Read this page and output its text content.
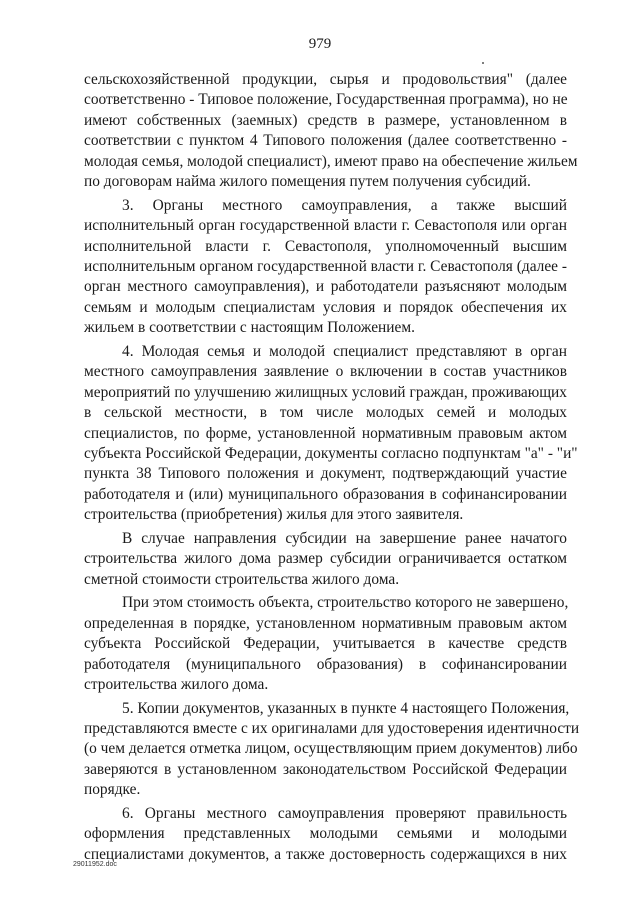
979

сельскохозяйственной продукции, сырья и продовольствия" (далее
соответственно - Типовое положение, Государственная программа), но не
имеют собственных (заемных) средств в размере, установленном в
соответствии с пунктом 4 Типового положения (далее соответственно -
молодая семья, молодой специалист), имеют право на обеспечение жильем
по договорам найма жилого помещения путем получения субсидий.

3. Органы местного самоуправления, а также высший
исполнительный орган государственной власти г. Севастополя или орган
исполнительной власти г. Севастополя, уполномоченный высшим
исполнительным органом государственной власти г. Севастополя (далее -
орган местного самоуправления), и работодатели разъясняют молодым
семьям и молодым специалистам условия и порядок обеспечения их
жильем в соответствии с настоящим Положением.

4. Молодая семья и молодой специалист представляют в орган
местного самоуправления заявление о включении в состав участников
мероприятий по улучшению жилищных условий граждан, проживающих
в сельской местности, в том числе молодых семей и молодых
специалистов, по форме, установленной нормативным правовым актом
субъекта Российской Федерации, документы согласно подпунктам "а" - "и"
пункта 38 Типового положения и документ, подтверждающий участие
работодателя и (или) муниципального образования в софинансировании
строительства (приобретения) жилья для этого заявителя.

В случае направления субсидии на завершение ранее начатого
строительства жилого дома размер субсидии ограничивается остатком
сметной стоимости строительства жилого дома.

При этом стоимость объекта, строительство которого не завершено,
определенная в порядке, установленном нормативным правовым актом
субъекта Российской Федерации, учитывается в качестве средств
работодателя (муниципального образования) в софинансировании
строительства жилого дома.

5. Копии документов, указанных в пункте 4 настоящего Положения,
представляются вместе с их оригиналами для удостоверения идентичности
(о чем делается отметка лицом, осуществляющим прием документов) либо
заверяются в установленном законодательством Российской Федерации
порядке.

6. Органы местного самоуправления проверяют правильность
оформления представленных молодыми семьями и молодыми
специалистами документов, а также достоверность содержащихся в них

29011952.doc
